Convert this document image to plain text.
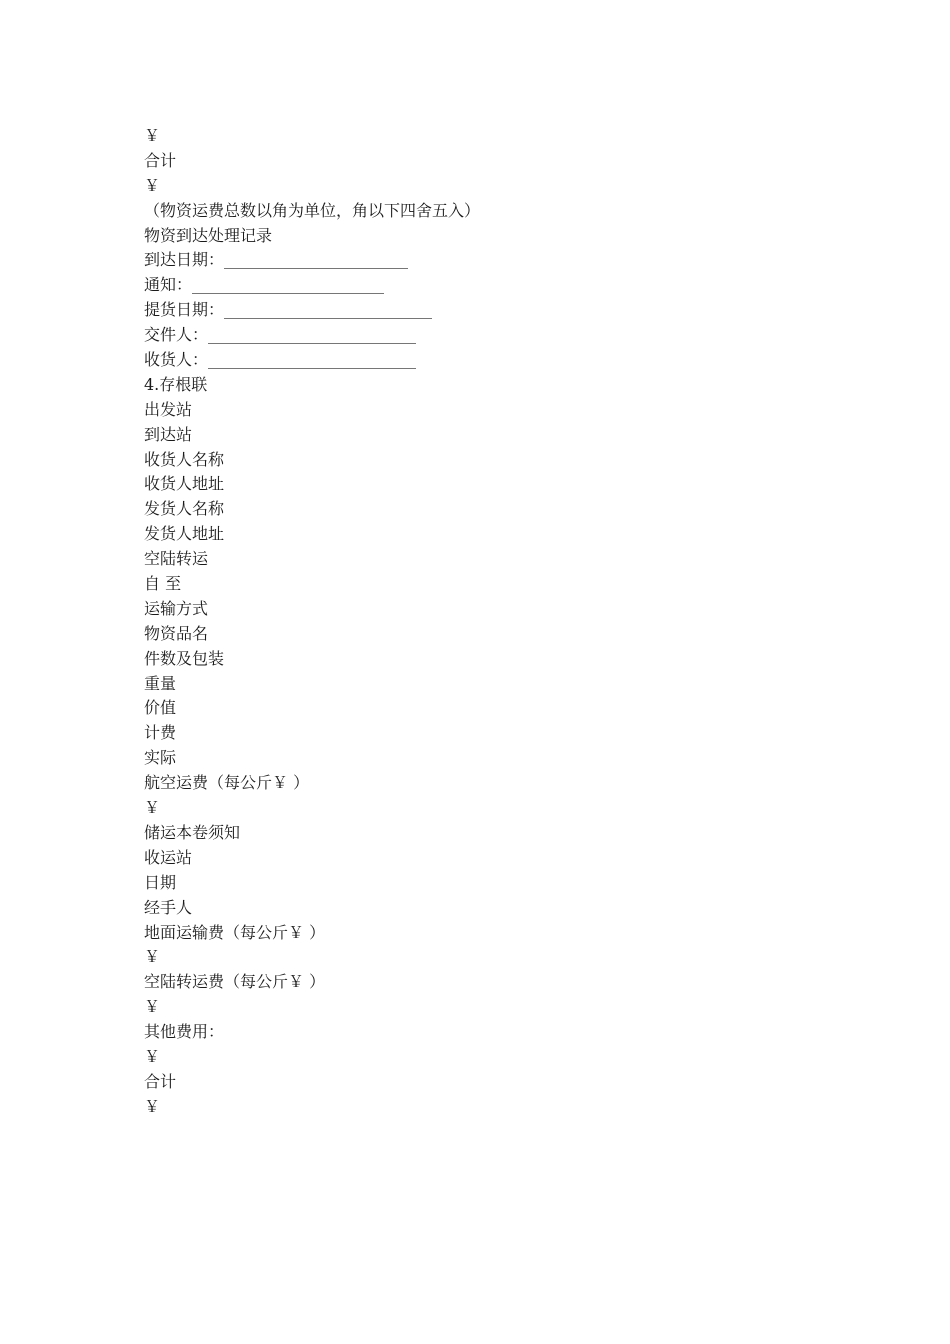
￥
合计
￥
（物资运费总数以角为单位，角以下四舍五入）
物资到达处理记录
到达日期：_______________________
通知：________________________
提货日期：__________________________
交件人：__________________________
收货人：__________________________
4.存根联
出发站
到达站
收货人名称
收货人地址
发货人名称
发货人地址
空陆转运
自 至
运输方式
物资品名
件数及包装
重量
价值
计费
实际
航空运费（每公斤￥ ）
￥
储运本卷须知
收运站
日期
经手人
地面运输费（每公斤￥ ）
￥
空陆转运费（每公斤￥ ）
￥
其他费用：
￥
合计
￥
